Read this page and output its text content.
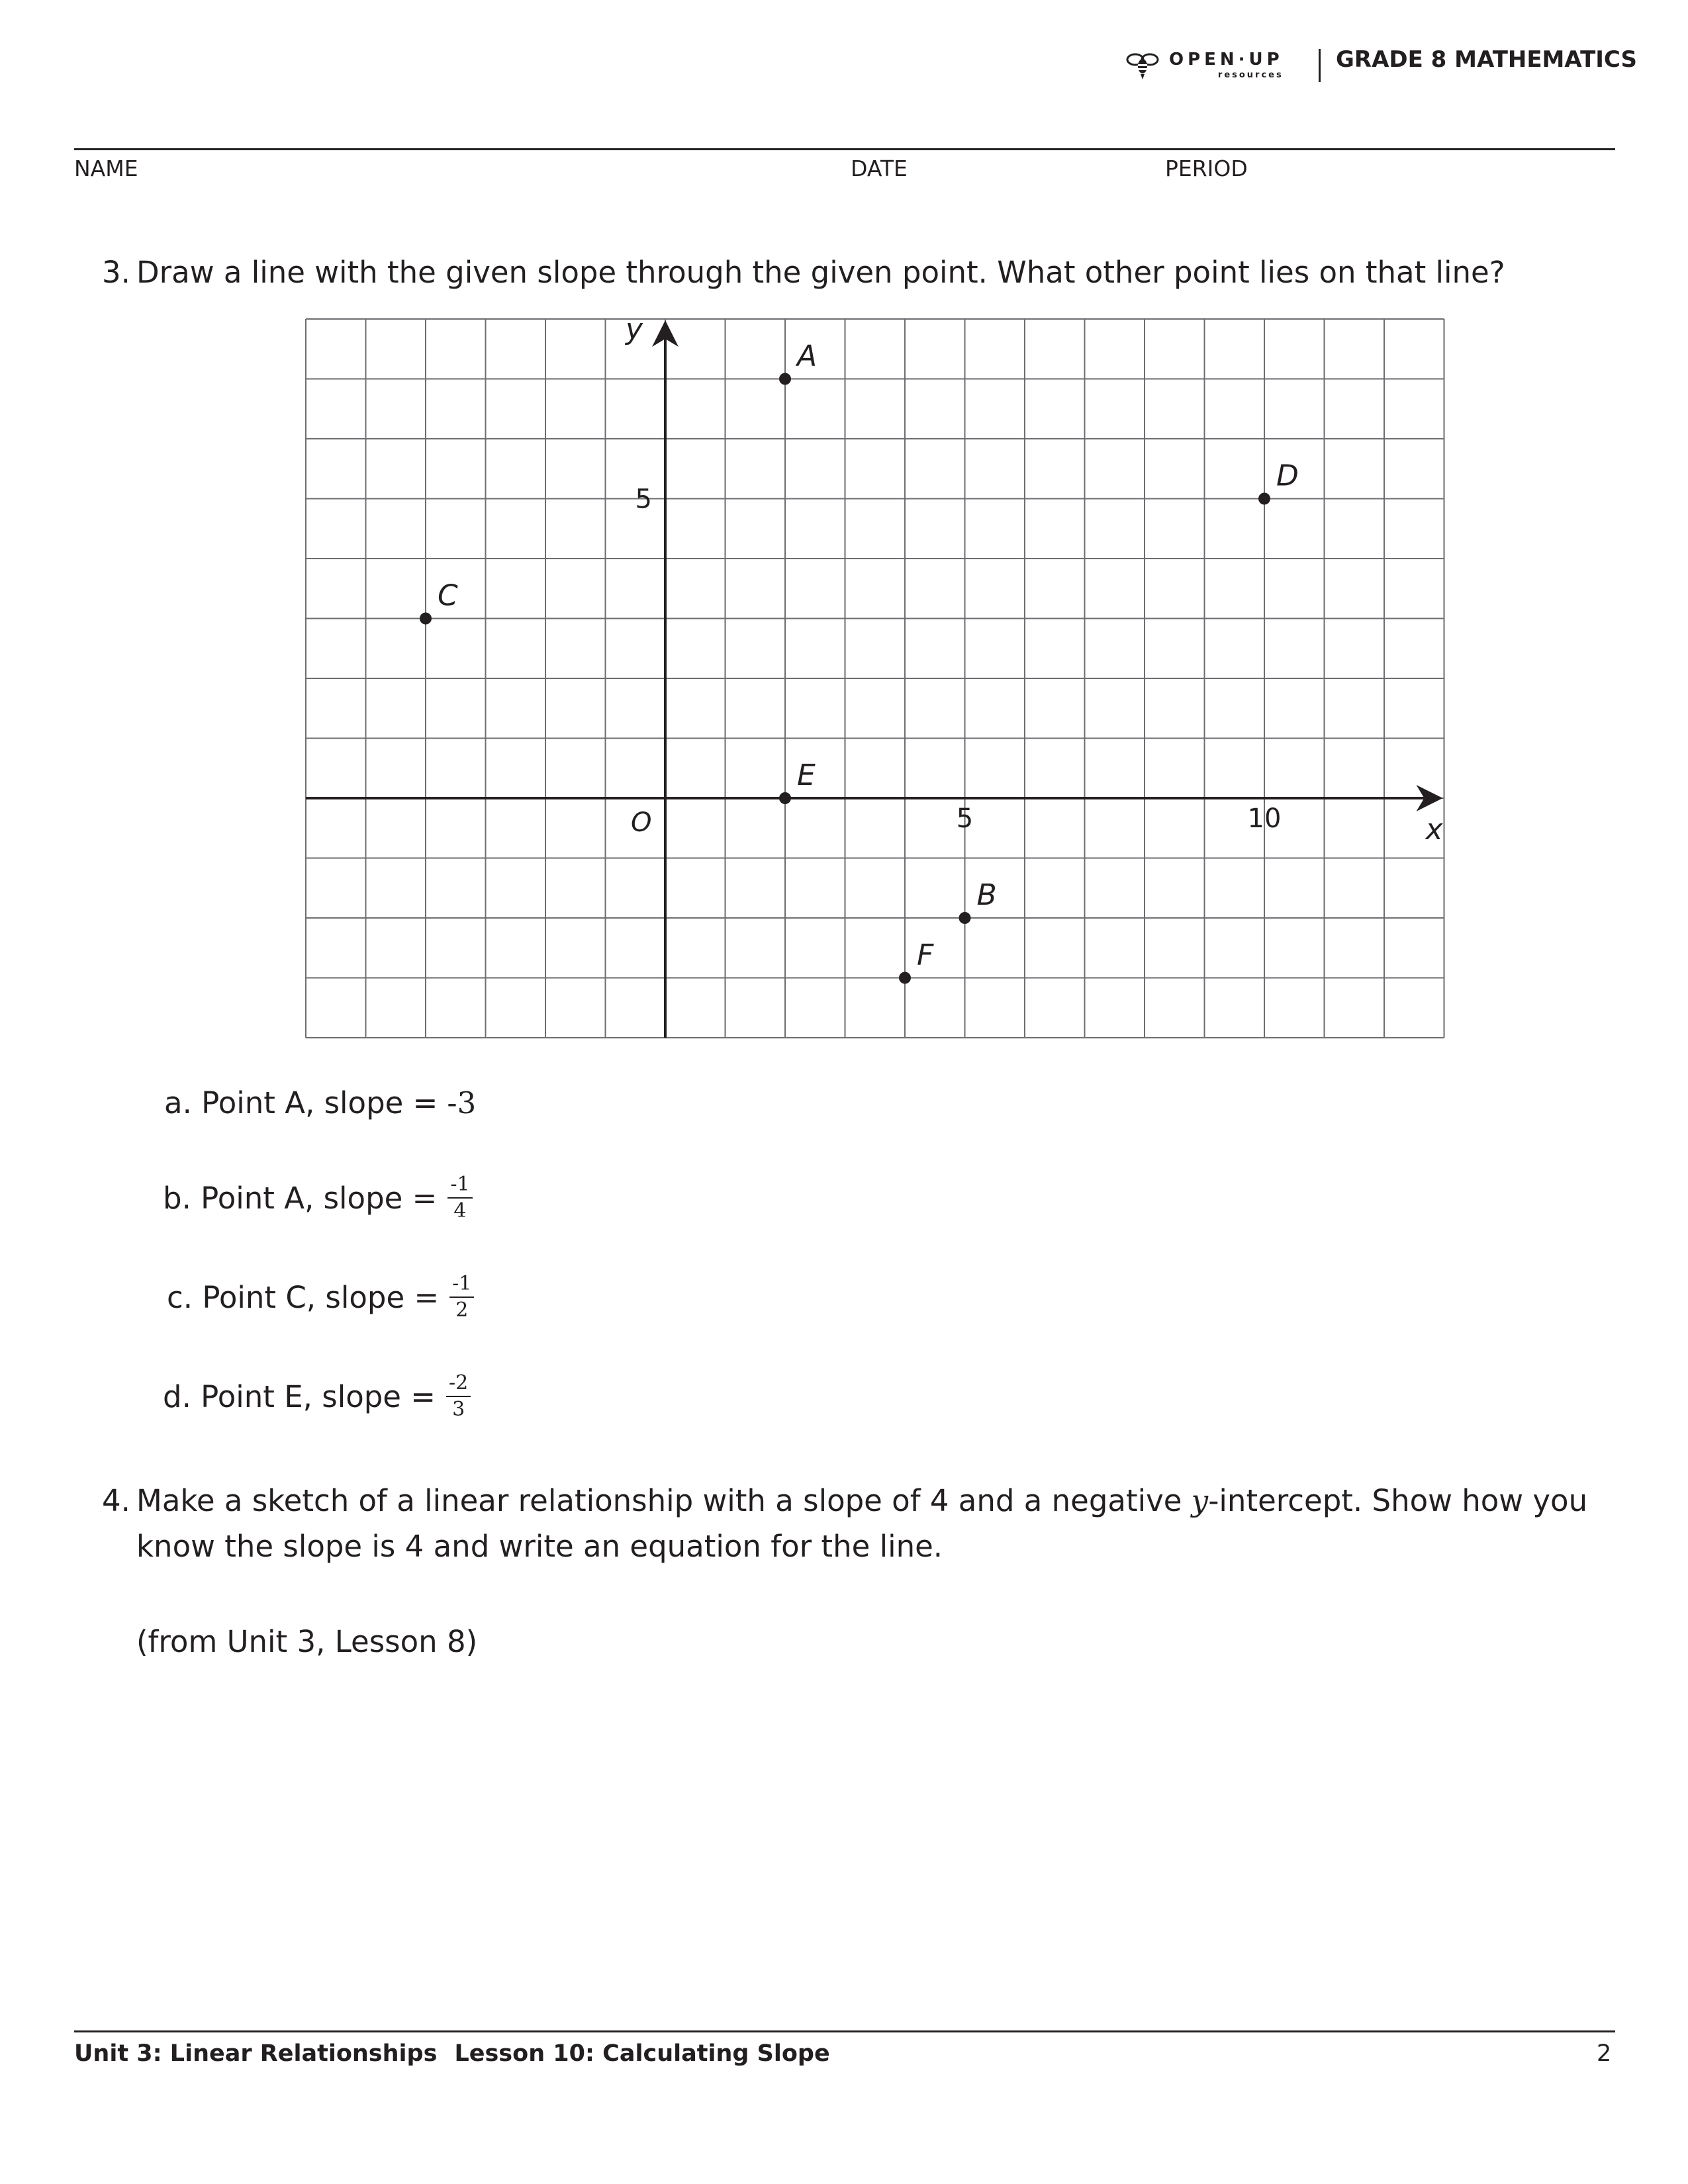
OPEN·UP
resources
GRADE 8 MATHEMATICS
NAME	DATE	PERIOD
3. Draw a line with the given slope through the given point. What other point lies on that line?
x
y
O	5	10
5
A
B
C
D
E
F
a. Point A, slope = -3
b. Point A, slope = $\frac{-1}{4}$
c. Point C, slope = $\frac{-1}{2}$
d. Point E, slope = $\frac{-2}{3}$
4. Make a sketch of a linear relationship with a slope of 4 and a negative y-intercept. Show how you
know the slope is 4 and write an equation for the line.
(from Unit 3, Lesson 8)
Unit 3: Linear Relationships Lesson 10: Calculating Slope	2
